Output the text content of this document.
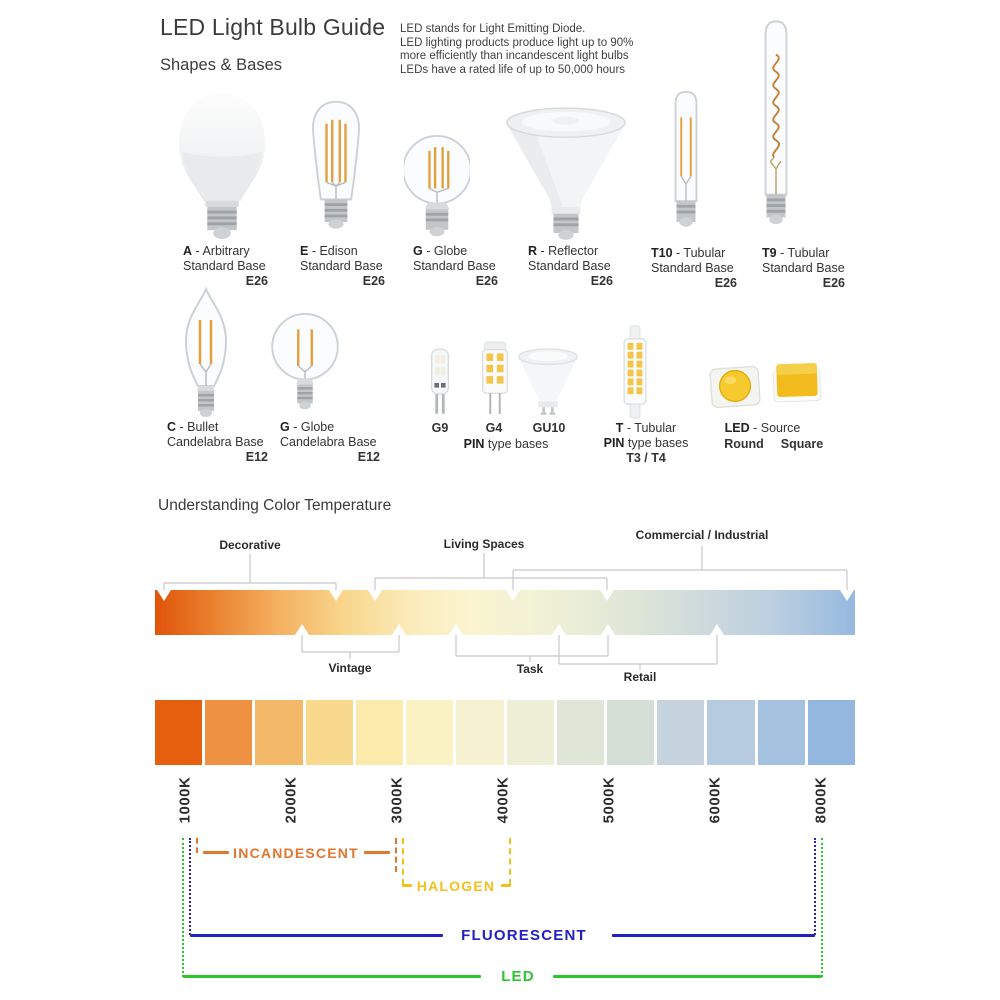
LED Light Bulb Guide LED stands for Light Emitting Diode.
LED lighting products produce light up to 90%
more efficiently than incandescent light bulbs
LEDs have a rated life of up to 50,000 hours
Shapes & Bases
A - Arbitrary
Standard Base
E26
E - Edison
Standard Base
E26
G - Globe
Standard Base
E26
R - Reflector
Standard Base
E26
T10 - Tubular
Standard Base
E26
T9 - Tubular
Standard Base
E26
C - Bullet
Candelabra Base
E12
G - Globe
Candelabra Base
E12
G9	G4	GU10
PIN type bases
T - Tubular
PIN type bases
T3 / T4
LED - Source
Round	Square
Understanding Color Temperature
Decorative	Living Spaces
Commercial / Industrial
Vintage	Task
Retail
1000K	2000K	3000K	4000K	5000K	6000K	8000K
INCANDESCENT
HALOGEN
FLUORESCENT
LED
